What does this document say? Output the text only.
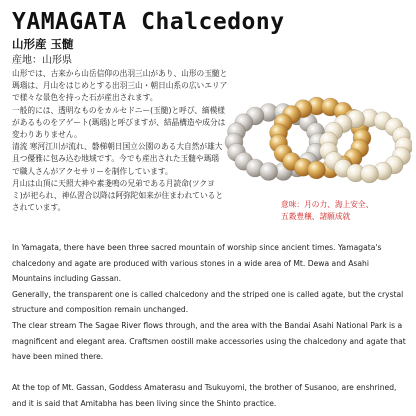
YAMAGATA Chalcedony
山形産 玉髄
産地：山形県
山形では、古来から山岳信仰の出羽三山があり、山形の玉髄と
瑪瑙は、月山をはじめとする出羽三山・朝日山系の広いエリア
で様々な景色を持った石が産出されます。
一般的には、透明なものをカルセドニー(玉髄)と呼び、縞模様
があるものをアゲート(瑪瑙)と呼びますが、結晶構造や成分は
変わりありません。
清流 寒河江川が流れ、磐梯朝日国立公園のある大自然が雄大
且つ優雅に包み込む地域です。今でも産出された玉髄や瑪瑙
で職人さんがアクセサリーを制作しています。
月山は山頂に天照大神や素戔嗚の兄弟である月読命(ツクヨ
ミ)が祀られ、神仏習合以降は阿弥陀如来が住まわれていると
されています。	意味：月の力、海上安全、
五穀豊穣、諸願成就
In Yamagata, there have been three sacred mountain of worship since ancient times. Yamagata's
chalcedony and agate are produced with various stones in a wide area of Mt. Dewa and Asahi
Mountains including Gassan.
Generally, the transparent one is called chalcedony and the striped one is called agate, but the crystal
structure and composition remain unchanged.
The clear stream The Sagae River flows through, and the area with the Bandai Asahi National Park is a
magnificent and elegant area. Craftsmen oostill make accessories using the chalcedony and agate that
have been mined there.
At the top of Mt. Gassan, Goddess Amaterasu and Tsukuyomi, the brother of Susanoo, are enshrined,
and it is said that Amitabha has been living since the Shinto practice.
